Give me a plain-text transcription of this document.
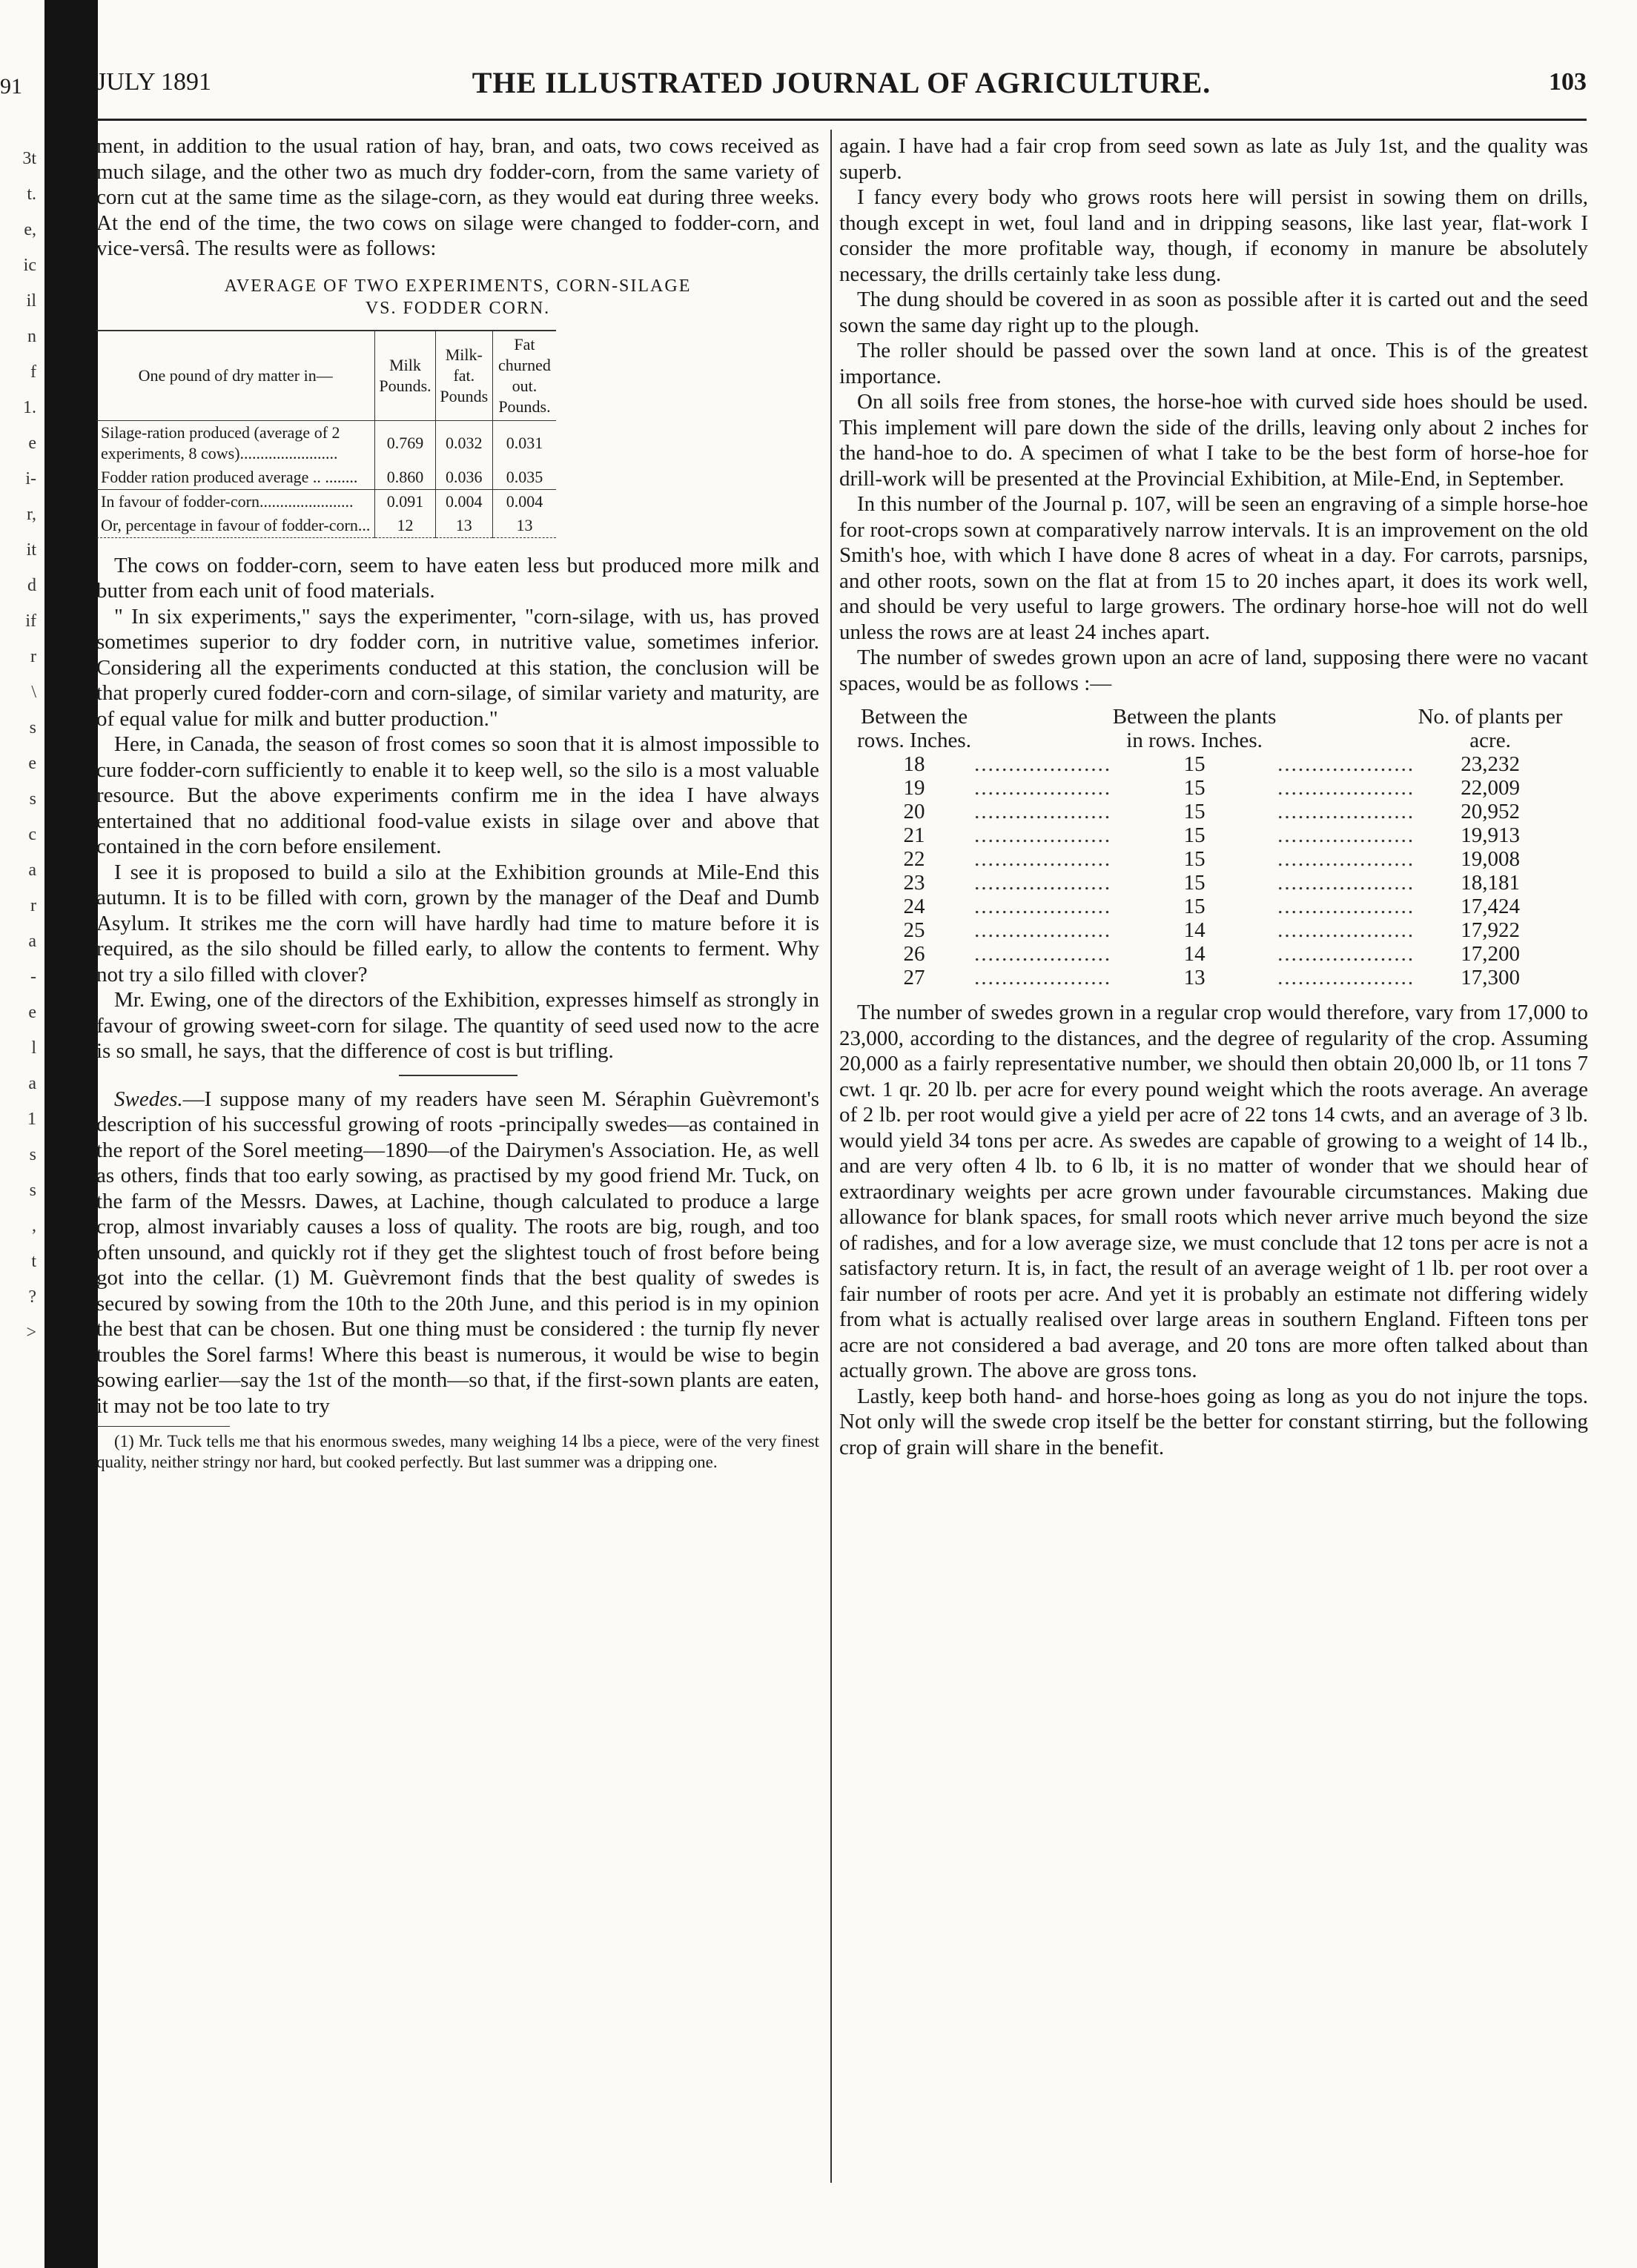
91
3t
t.
e,
ic
il
n
f
1.
e
i-
r,
it
d
if
r
\
s
e
s
c
a
r
a
-
e
l
a
1
s
s
,
t
?
>
JULY 1891	THE ILLUSTRATED JOURNAL OF AGRICULTURE.	103

ment, in addition to the usual ration of hay, bran, and oats, two cows received as much silage, and the other two as much dry fodder-corn, from the same variety of corn cut at the same time as the silage-corn, as they would eat during three weeks. At the end of the time, the two cows on silage were changed to fodder-corn, and vice-versâ. The results were as follows:

AVERAGE OF TWO EXPERIMENTS, CORN-SILAGE
VS. FODDER CORN.
One pound of dry matter in—	Milk Pounds.	Milk-fat. Pounds	Fat churned out. Pounds.
Silage-ration produced (average of 2 experiments, 8 cows)........................	0.769	0.032	0.031
Fodder ration produced average .. ........	0.860	0.036	0.035
In favour of fodder-corn.......................	0.091	0.004	0.004
Or, percentage in favour of fodder-corn...	12	13	13

The cows on fodder-corn, seem to have eaten less but produced more milk and butter from each unit of food materials.

" In six experiments," says the experimenter, "corn-silage, with us, has proved sometimes superior to dry fodder corn, in nutritive value, sometimes inferior. Considering all the experiments conducted at this station, the conclusion will be that properly cured fodder-corn and corn-silage, of similar variety and maturity, are of equal value for milk and butter production."

Here, in Canada, the season of frost comes so soon that it is almost impossible to cure fodder-corn sufficiently to enable it to keep well, so the silo is a most valuable resource. But the above experiments confirm me in the idea I have always entertained that no additional food-value exists in silage over and above that contained in the corn before ensilement.

I see it is proposed to build a silo at the Exhibition grounds at Mile-End this autumn. It is to be filled with corn, grown by the manager of the Deaf and Dumb Asylum. It strikes me the corn will have hardly had time to mature before it is required, as the silo should be filled early, to allow the contents to ferment. Why not try a silo filled with clover?

Mr. Ewing, one of the directors of the Exhibition, expresses himself as strongly in favour of growing sweet-corn for silage. The quantity of seed used now to the acre is so small, he says, that the difference of cost is but trifling.

Swedes.—I suppose many of my readers have seen M. Séraphin Guèvremont's description of his successful growing of roots -principally swedes—as contained in the report of the Sorel meeting—1890—of the Dairymen's Association. He, as well as others, finds that too early sowing, as practised by my good friend Mr. Tuck, on the farm of the Messrs. Dawes, at Lachine, though calculated to produce a large crop, almost invariably causes a loss of quality. The roots are big, rough, and too often unsound, and quickly rot if they get the slightest touch of frost before being got into the cellar. (1) M. Guèvremont finds that the best quality of swedes is secured by sowing from the 10th to the 20th June, and this period is in my opinion the best that can be chosen. But one thing must be considered : the turnip fly never troubles the Sorel farms! Where this beast is numerous, it would be wise to begin sowing earlier—say the 1st of the month—so that, if the first-sown plants are eaten, it may not be too late to try

(1) Mr. Tuck tells me that his enormous swedes, many weighing 14 lbs a piece, were of the very finest quality, neither stringy nor hard, but cooked perfectly. But last summer was a dripping one.

again. I have had a fair crop from seed sown as late as July 1st, and the quality was superb.

I fancy every body who grows roots here will persist in sowing them on drills, though except in wet, foul land and in dripping seasons, like last year, flat-work I consider the more profitable way, though, if economy in manure be absolutely necessary, the drills certainly take less dung.

The dung should be covered in as soon as possible after it is carted out and the seed sown the same day right up to the plough.

The roller should be passed over the sown land at once. This is of the greatest importance.

On all soils free from stones, the horse-hoe with curved side hoes should be used. This implement will pare down the side of the drills, leaving only about 2 inches for the hand-hoe to do. A specimen of what I take to be the best form of horse-hoe for drill-work will be presented at the Provincial Exhibition, at Mile-End, in September.

In this number of the Journal p. 107, will be seen an engraving of a simple horse-hoe for root-crops sown at comparatively narrow intervals. It is an improvement on the old Smith's hoe, with which I have done 8 acres of wheat in a day. For carrots, parsnips, and other roots, sown on the flat at from 15 to 20 inches apart, it does its work well, and should be very useful to large growers. The ordinary horse-hoe will not do well unless the rows are at least 24 inches apart.

The number of swedes grown upon an acre of land, supposing there were no vacant spaces, would be as follows :—

Between the rows. Inches.		Between the plants in rows. Inches.		No. of plants per acre.
18	....................	15	....................	23,232
19	....................	15	....................	22,009
20	....................	15	....................	20,952
21	....................	15	....................	19,913
22	....................	15	....................	19,008
23	....................	15	....................	18,181
24	....................	15	....................	17,424
25	....................	14	....................	17,922
26	....................	14	....................	17,200
27	....................	13	....................	17,300

The number of swedes grown in a regular crop would therefore, vary from 17,000 to 23,000, according to the distances, and the degree of regularity of the crop. Assuming 20,000 as a fairly representative number, we should then obtain 20,000 lb, or 11 tons 7 cwt. 1 qr. 20 lb. per acre for every pound weight which the roots average. An average of 2 lb. per root would give a yield per acre of 22 tons 14 cwts, and an average of 3 lb. would yield 34 tons per acre. As swedes are capable of growing to a weight of 14 lb., and are very often 4 lb. to 6 lb, it is no matter of wonder that we should hear of extraordinary weights per acre grown under favourable circumstances. Making due allowance for blank spaces, for small roots which never arrive much beyond the size of radishes, and for a low average size, we must conclude that 12 tons per acre is not a satisfactory return. It is, in fact, the result of an average weight of 1 lb. per root over a fair number of roots per acre. And yet it is probably an estimate not differing widely from what is actually realised over large areas in southern England. Fifteen tons per acre are not considered a bad average, and 20 tons are more often talked about than actually grown. The above are gross tons.

Lastly, keep both hand- and horse-hoes going as long as you do not injure the tops. Not only will the swede crop itself be the better for constant stirring, but the following crop of grain will share in the benefit.
